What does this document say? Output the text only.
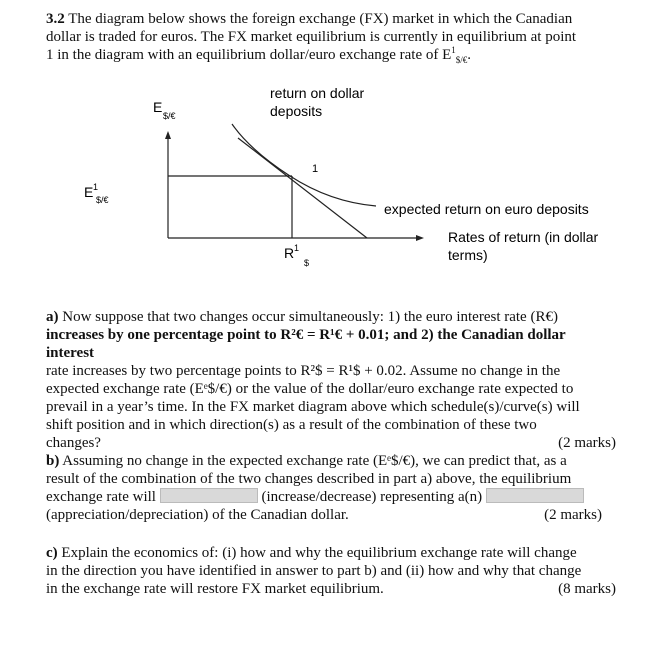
3.2 The diagram below shows the foreign exchange (FX) market in which the Canadian
dollar is traded for euros. The FX market equilibrium is currently in equilibrium at point
1 in the diagram with an equilibrium dollar/euro exchange rate of $E^1_{\$/€}$.
E
$/€
return on dollar
deposits
1
E 1
$/€
expected return on euro deposits
Rates of return (in dollar
terms)
R 1
$
a) Now suppose that two changes occur simultaneously: 1) the euro interest rate (R€)
increases by one percentage point to R²€ = R¹€ + 0.01; and 2) the Canadian dollar interest
rate increases by two percentage points to R²$ = R¹$ + 0.02. Assume no change in the
expected exchange rate (Eᵉ$/€) or the value of the dollar/euro exchange rate expected to
prevail in a year’s time. In the FX market diagram above which schedule(s)/curve(s) will
shift position and in which direction(s) as a result of the combination of these two
changes?	(2 marks)
b) Assuming no change in the expected exchange rate (Eᵉ$/€), we can predict that, as a
result of the combination of the two changes described in part a) above, the equilibrium
exchange rate will	(increase/decrease) representing a(n)
(appreciation/depreciation) of the Canadian dollar.	(2 marks)
c) Explain the economics of: (i) how and why the equilibrium exchange rate will change
in the direction you have identified in answer to part b) and (ii) how and why that change
in the exchange rate will restore FX market equilibrium.	(8 marks)
